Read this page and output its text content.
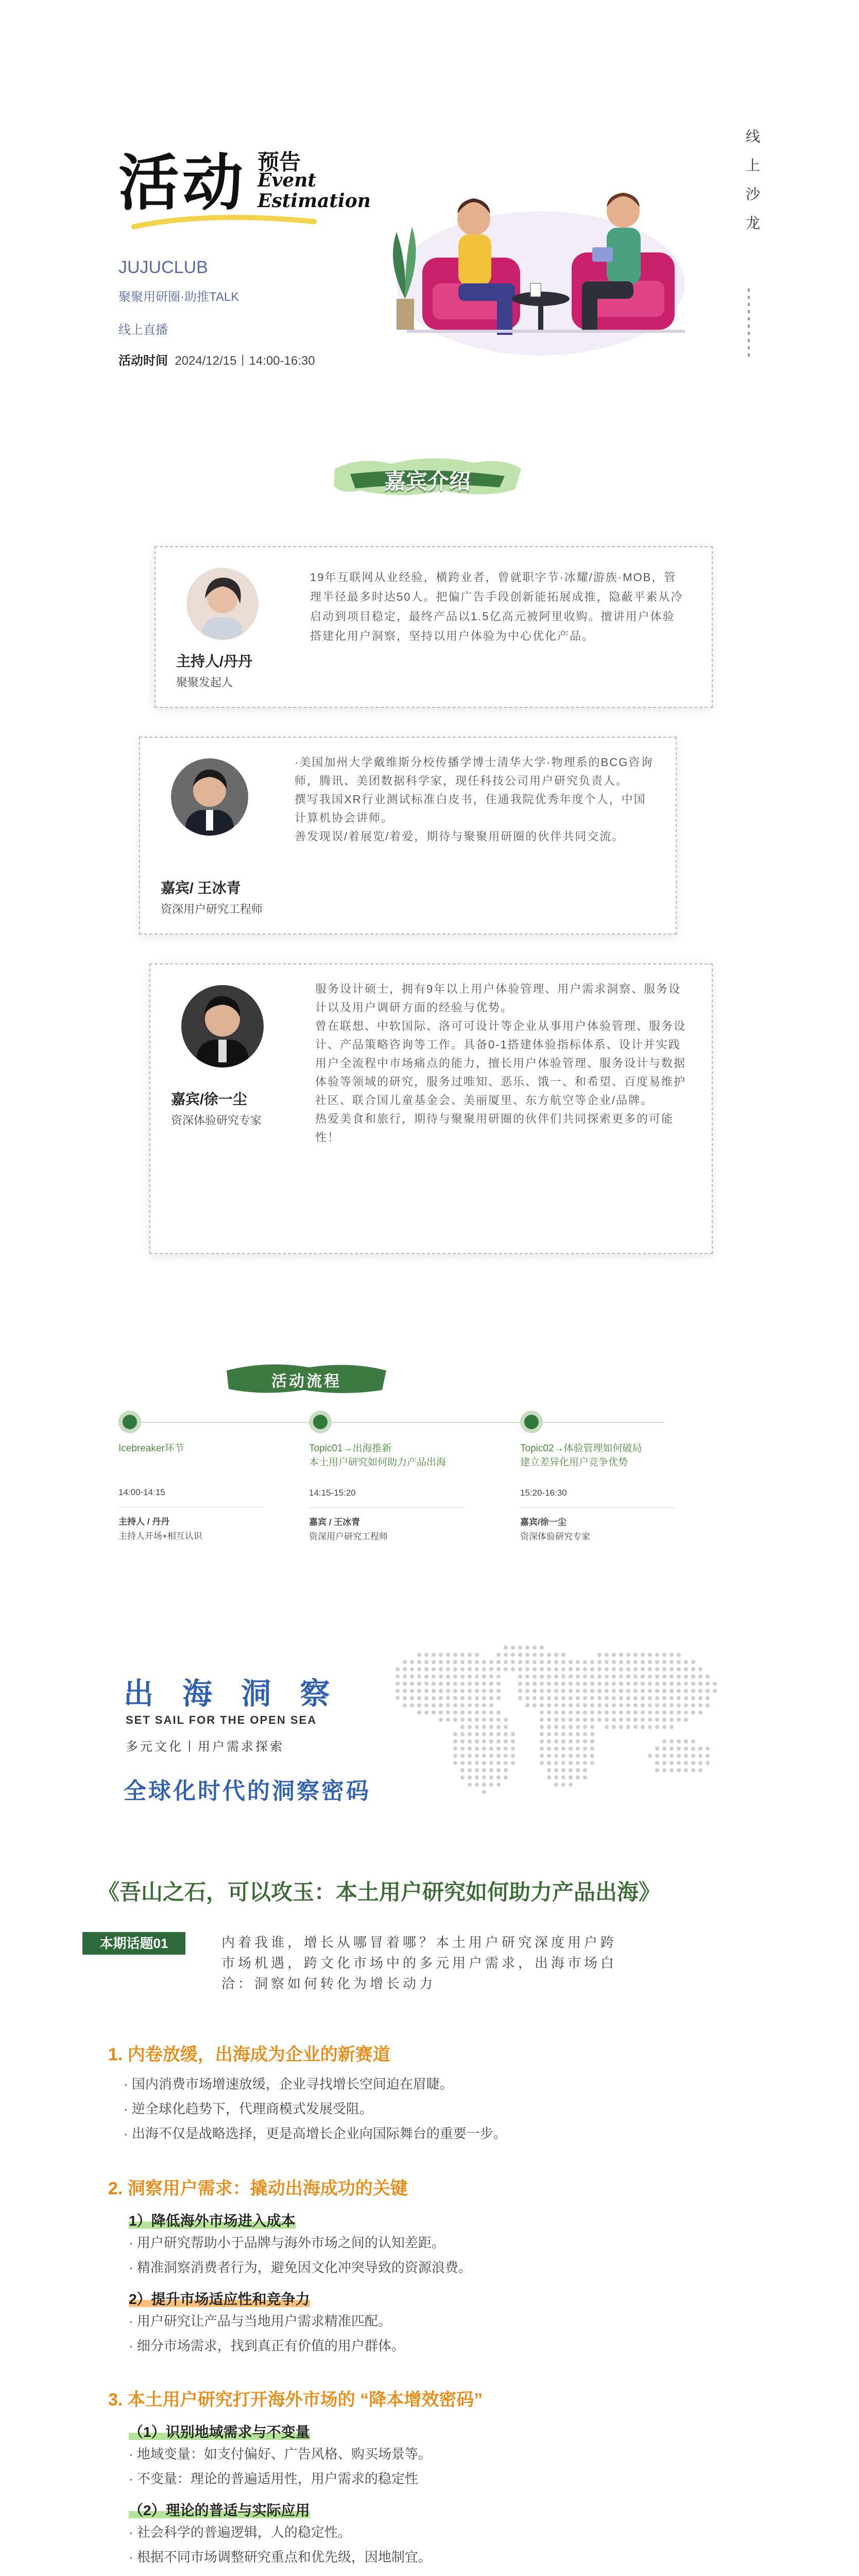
活动 预告
Event
Estimation
JUJUCLUB
聚聚用研圈·助推TALK
线上直播
活动时间 2024/12/15丨14:00-16:30
线上沙龙
嘉宾介绍
主持人/丹丹
聚聚发起人
19年互联网从业经验，横跨业者，曾就职字节·冰耀/游族·MOB，管理半径最多时达50人。把偏广告手段创新能拓展成推，隐蔽平素从冷启动到项目稳定，最终产品以1.5亿高元被阿里收购。擅讲用户体验搭建化用户洞察，坚持以用户体验为中心优化产品。
嘉宾/ 王冰青
资深用户研究工程师
·美国加州大学戴维斯分校传播学博士清华大学·物理系的BCG咨询师，腾讯、美团数据科学家，现任科技公司用户研究负责人。
撰写我国XR行业测试标准白皮书，住通我院优秀年度个人，中国计算机协会讲师。
善发现误/着展览/着爱，期待与聚聚用研圈的伙伴共同交流。
嘉宾/徐一尘
资深体验研究专家
服务设计硕士，拥有9年以上用户体验管理、用户需求洞察、服务设计以及用户调研方面的经验与优势。
曾在联想、中软国际、洛可可设计等企业从事用户体验管理、服务设计、产品策略咨询等工作。具备0-1搭建体验指标体系、设计并实践用户全流程中市场痛点的能力，擅长用户体验管理、服务设计与数据体验等领域的研究，服务过唯知、恶乐、饿一、和希望、百度易维护社区、联合国儿童基金会、美丽厦里、东方航空等企业/品牌。
热爱美食和旅行，期待与聚聚用研圈的伙伴们共同探索更多的可能性！
活动流程
Icebreaker环节
14:00-14:15
主持人 / 丹丹
主持人开场+相互认识
Topic01→出海推新
本土用户研究如何助力产品出海
14:15-15:20
嘉宾 / 王冰青
资深用户研究工程师
Topic02→体验管理如何破局
建立差异化用户竞争优势
15:20-16:30
嘉宾/徐一尘
资深体验研究专家
出 海 洞 察
SET SAIL FOR THE OPEN SEA
多元文化丨用户需求探索
全球化时代的洞察密码
《吾山之石，可以攻玉：本土用户研究如何助力产品出海》
本期话题01	内着我谁，增长从哪冒着哪？本土用户研究深度用户跨市场机遇，跨文化市场中的多元用户需求，出海市场白洽：洞察如何转化为增长动力
1. 内卷放缓，出海成为企业的新赛道
· 国内消费市场增速放缓，企业寻找增长空间迫在眉睫。
· 逆全球化趋势下，代理商模式发展受阻。
· 出海不仅是战略选择，更是高增长企业向国际舞台的重要一步。
2. 洞察用户需求：撬动出海成功的关键
1）降低海外市场进入成本
· 用户研究帮助小于品牌与海外市场之间的认知差距。
· 精准洞察消费者行为，避免因文化冲突导致的资源浪费。
2）提升市场适应性和竞争力
· 用户研究让产品与当地用户需求精准匹配。
· 细分市场需求，找到真正有价值的用户群体。
3. 本土用户研究打开海外市场的 “降本增效密码”
（1）识别地域需求与不变量
· 地域变量：如支付偏好、广告风格、购买场景等。
· 不变量：理论的普遍适用性，用户需求的稳定性
（2）理论的普适与实际应用
· 社会科学的普遍逻辑，人的稳定性。
· 根据不同市场调整研究重点和优先级，因地制宜。
